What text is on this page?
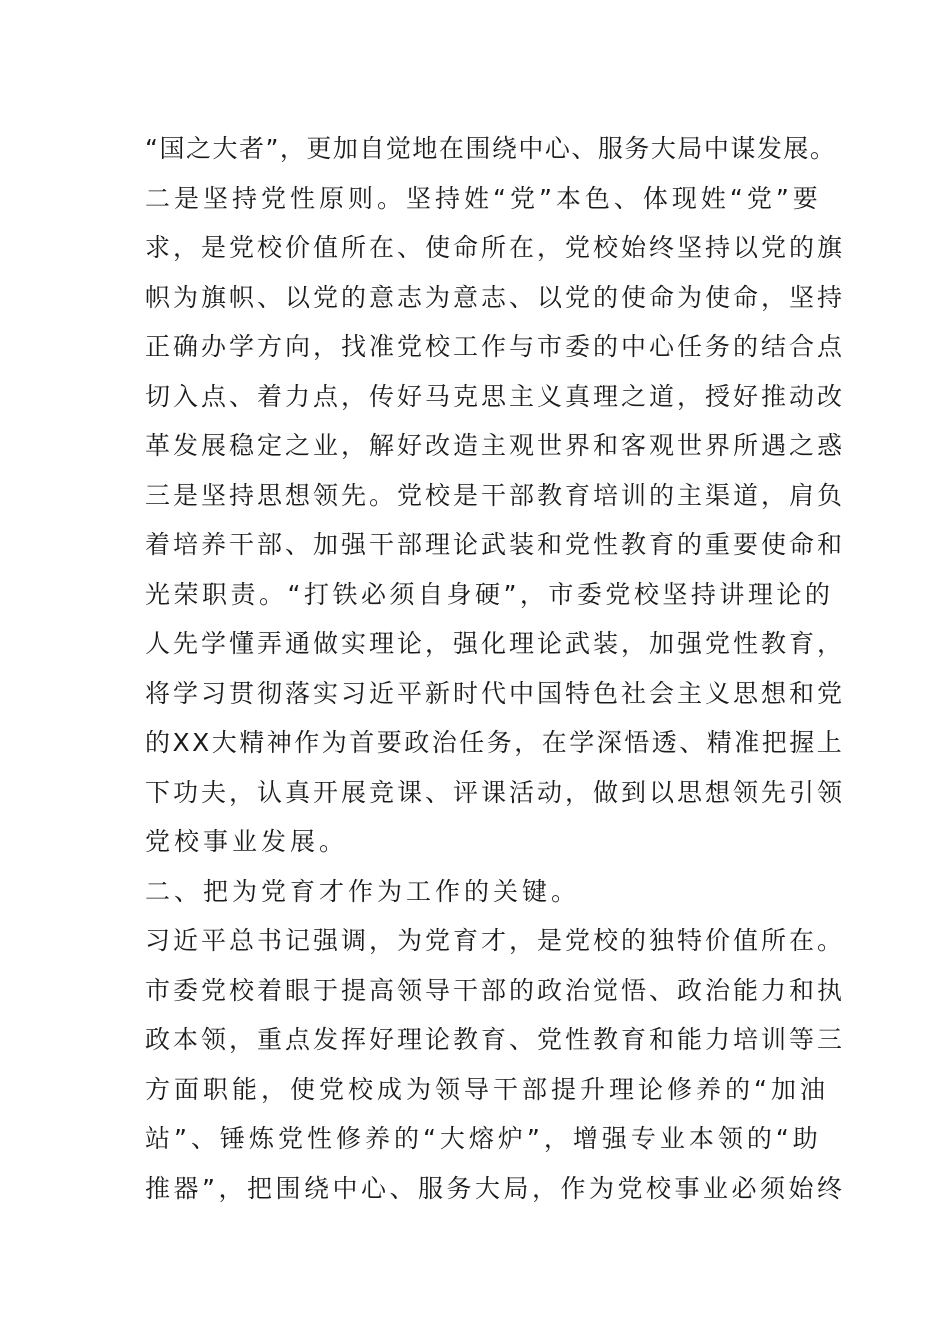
“国之大者”，更加自觉地在围绕中心、服务大局中谋发展。
二是坚持党性原则。坚持姓“党”本色、体现姓“党”要
求，是党校价值所在、使命所在，党校始终坚持以党的旗
帜为旗帜、以党的意志为意志、以党的使命为使命，坚持
正确办学方向，找准党校工作与市委的中心任务的结合点
切入点、着力点，传好马克思主义真理之道，授好推动改
革发展稳定之业，解好改造主观世界和客观世界所遇之惑
三是坚持思想领先。党校是干部教育培训的主渠道，肩负
着培养干部、加强干部理论武装和党性教育的重要使命和
光荣职责。“打铁必须自身硬”，市委党校坚持讲理论的
人先学懂弄通做实理论，强化理论武装，加强党性教育，
将学习贯彻落实习近平新时代中国特色社会主义思想和党
的XX大精神作为首要政治任务，在学深悟透、精准把握上
下功夫，认真开展竞课、评课活动，做到以思想领先引领
党校事业发展。
二、把为党育才作为工作的关键。
习近平总书记强调，为党育才，是党校的独特价值所在。
市委党校着眼于提高领导干部的政治觉悟、政治能力和执
政本领，重点发挥好理论教育、党性教育和能力培训等三
方面职能，使党校成为领导干部提升理论修养的“加油
站”、锤炼党性修养的“大熔炉”，增强专业本领的“助
推器”，把围绕中心、服务大局，作为党校事业必须始终
